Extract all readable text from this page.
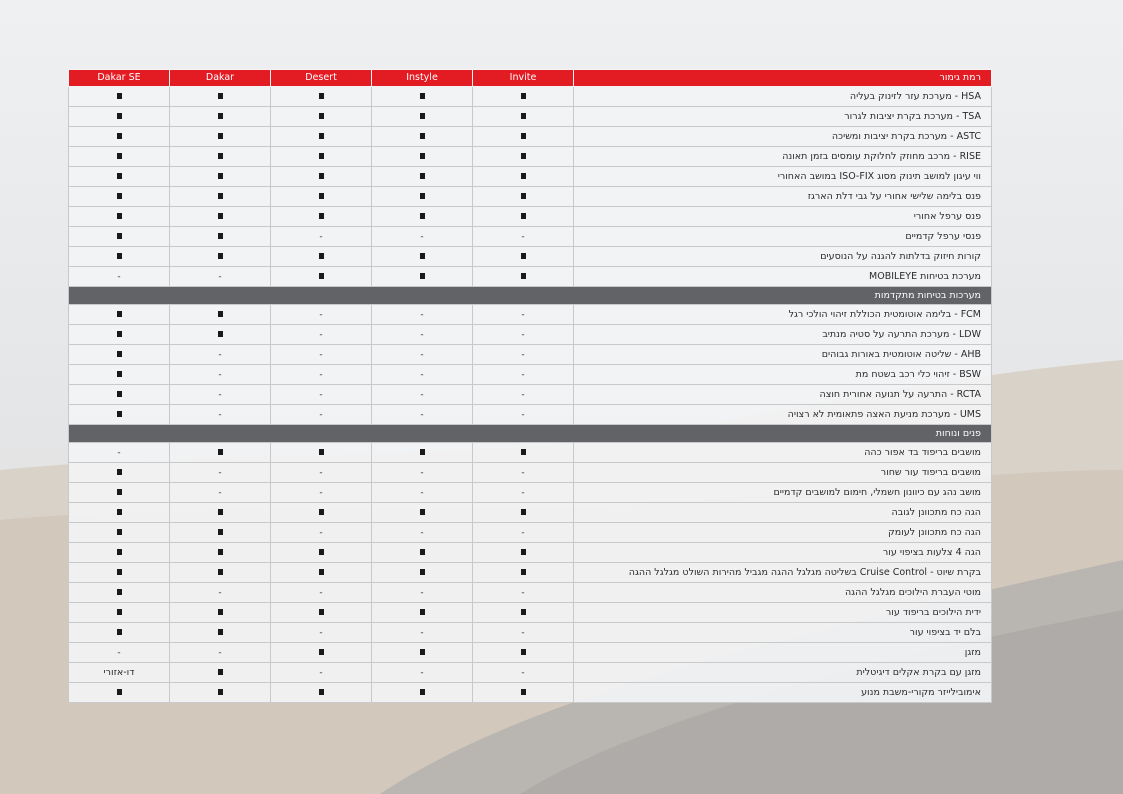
Dakar SE	Dakar	Desert	Instyle	Invite	רמת גימור
					HSA - מערכת עזר לזינוק בעליה
					TSA - מערכת בקרת יציבות לגרור
					ASTC - מערכת בקרת יציבות ומשיכה
					RISE - מרכב מחוזק לחלוקת עומסים בזמן תאונה
					ווי עיגון למושב תינוק מסוג ISO-FIX במושב האחורי
					פנס בלימה שלישי אחורי על גבי דלת הארגז
					פנס ערפל אחורי
		-	-	-	פנסי ערפל קדמיים
					קורות חיזוק בדלתות להגנה על הנוסעים
-	-				מערכת בטיחות MOBILEYE
מערכות בטיחות מתקדמות					
		-	-	-	FCM - בלימה אוטומטית הכוללת זיהוי הולכי רגל
		-	-	-	LDW - מערכת התרעה על סטיה מנתיב
	-	-	-	-	AHB - שליטה אוטומטית באורות גבוהים
	-	-	-	-	BSW - זיהוי כלי רכב בשטח מת
	-	-	-	-	RCTA - התרעה על תנועה אחורית חוצה
	-	-	-	-	UMS - מערכת מניעת האצה פתאומית לא רצויה
פנים ונוחות					
-					מושבים בריפוד בד אפור כהה
	-	-	-	-	מושבים בריפוד עור שחור
	-	-	-	-	מושב נהג עם כיוונון חשמלי, חימום למושבים קדמיים
					הגה כח מתכוונן לגובה
		-	-	-	הגה כח מתכוונן לעומק
					הגה 4 צלעות בציפוי עור
					בקרת שיוט - Cruise Control בשליטה מגלגל ההגה מגביל מהירות השולט מגלגל ההגה
	-	-	-	-	מוטי העברת הילוכים מגלגל ההגה
					ידית הילוכים בריפוד עור
		-	-	-	בלם יד בציפוי עור
-	-				מזגן
דו-אזורי		-	-	-	מזגן עם בקרת אקלים דיגיטלית
					אימובילייזר מקורי-משבת מנוע
